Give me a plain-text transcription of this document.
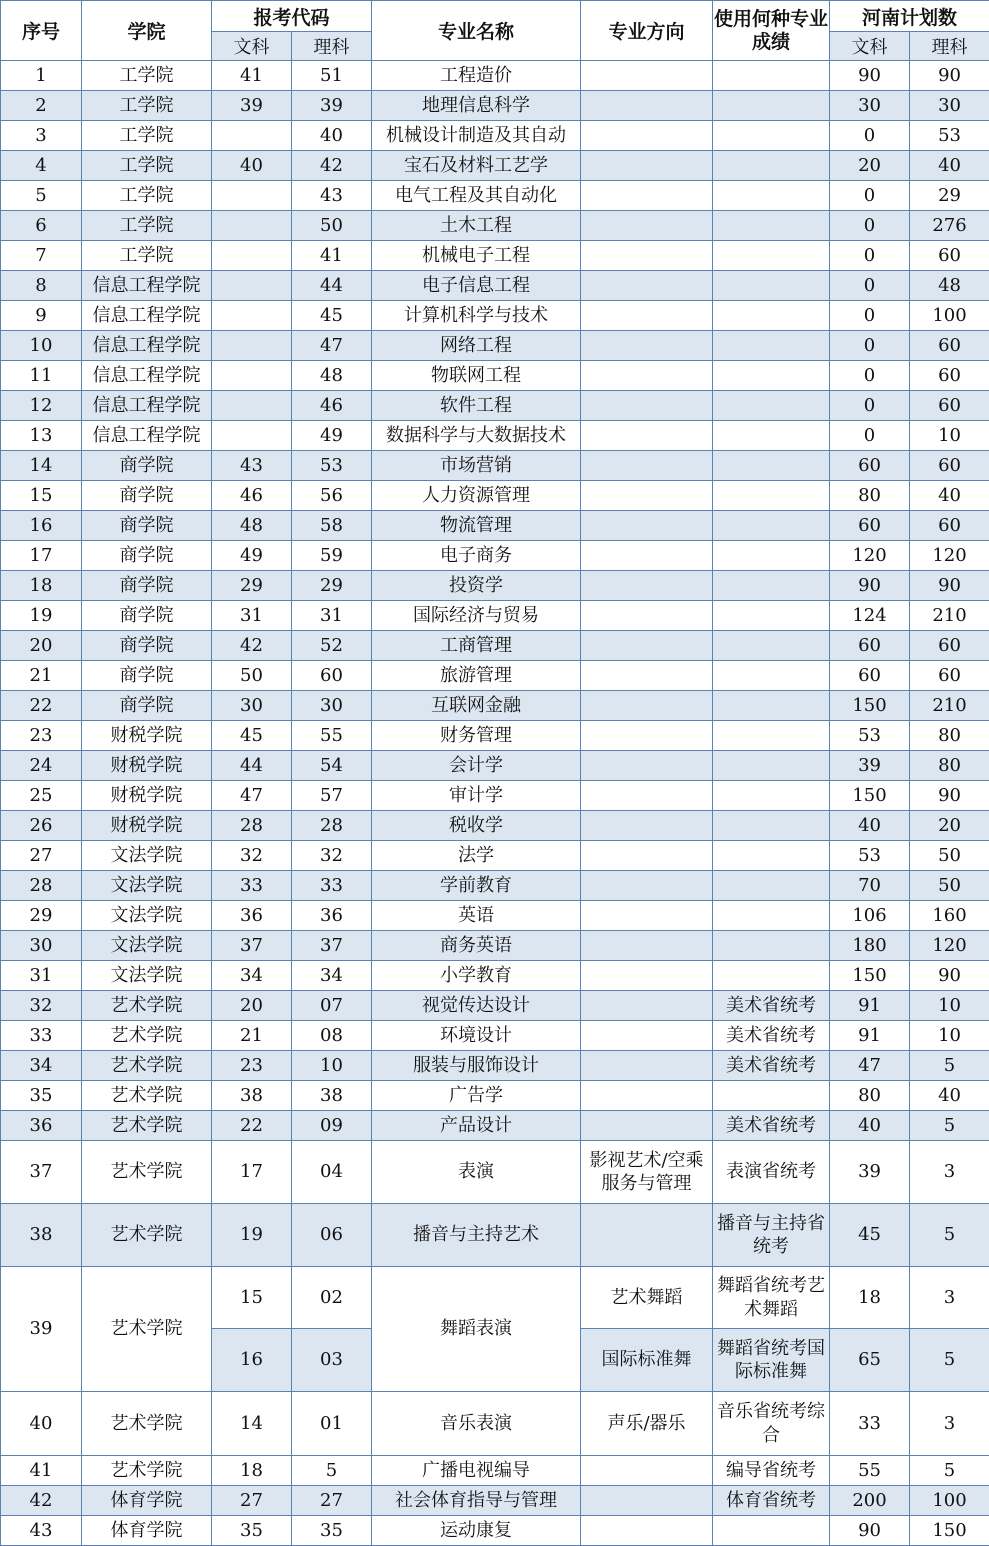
序号	学院	报考代码		专业名称	专业方向	使用何种专业成绩	河南计划数	
		文科	理科				文科	理科
1	工学院	41	51	工程造价			90	90
2	工学院	39	39	地理信息科学			30	30
3	工学院		40	机械设计制造及其自动			0	53
4	工学院	40	42	宝石及材料工艺学			20	40
5	工学院		43	电气工程及其自动化			0	29
6	工学院		50	土木工程			0	276
7	工学院		41	机械电子工程			0	60
8	信息工程学院		44	电子信息工程			0	48
9	信息工程学院		45	计算机科学与技术			0	100
10	信息工程学院		47	网络工程			0	60
11	信息工程学院		48	物联网工程			0	60
12	信息工程学院		46	软件工程			0	60
13	信息工程学院		49	数据科学与大数据技术			0	10
14	商学院	43	53	市场营销			60	60
15	商学院	46	56	人力资源管理			80	40
16	商学院	48	58	物流管理			60	60
17	商学院	49	59	电子商务			120	120
18	商学院	29	29	投资学			90	90
19	商学院	31	31	国际经济与贸易			124	210
20	商学院	42	52	工商管理			60	60
21	商学院	50	60	旅游管理			60	60
22	商学院	30	30	互联网金融			150	210
23	财税学院	45	55	财务管理			53	80
24	财税学院	44	54	会计学			39	80
25	财税学院	47	57	审计学			150	90
26	财税学院	28	28	税收学			40	20
27	文法学院	32	32	法学			53	50
28	文法学院	33	33	学前教育			70	50
29	文法学院	36	36	英语			106	160
30	文法学院	37	37	商务英语			180	120
31	文法学院	34	34	小学教育			150	90
32	艺术学院	20	07	视觉传达设计		美术省统考	91	10
33	艺术学院	21	08	环境设计		美术省统考	91	10
34	艺术学院	23	10	服装与服饰设计		美术省统考	47	5
35	艺术学院	38	38	广告学			80	40
36	艺术学院	22	09	产品设计		美术省统考	40	5
37	艺术学院	17	04	表演	影视艺术/空乘服务与管理	表演省统考	39	3
38	艺术学院	19	06	播音与主持艺术		播音与主持省统考	45	5
39	艺术学院	15	02	舞蹈表演	艺术舞蹈	舞蹈省统考艺术舞蹈	18	3
		16	03		国际标准舞	舞蹈省统考国际标准舞	65	5
40	艺术学院	14	01	音乐表演	声乐/器乐	音乐省统考综合	33	3
41	艺术学院	18	5	广播电视编导		编导省统考	55	5
42	体育学院	27	27	社会体育指导与管理		体育省统考	200	100
43	体育学院	35	35	运动康复			90	150
